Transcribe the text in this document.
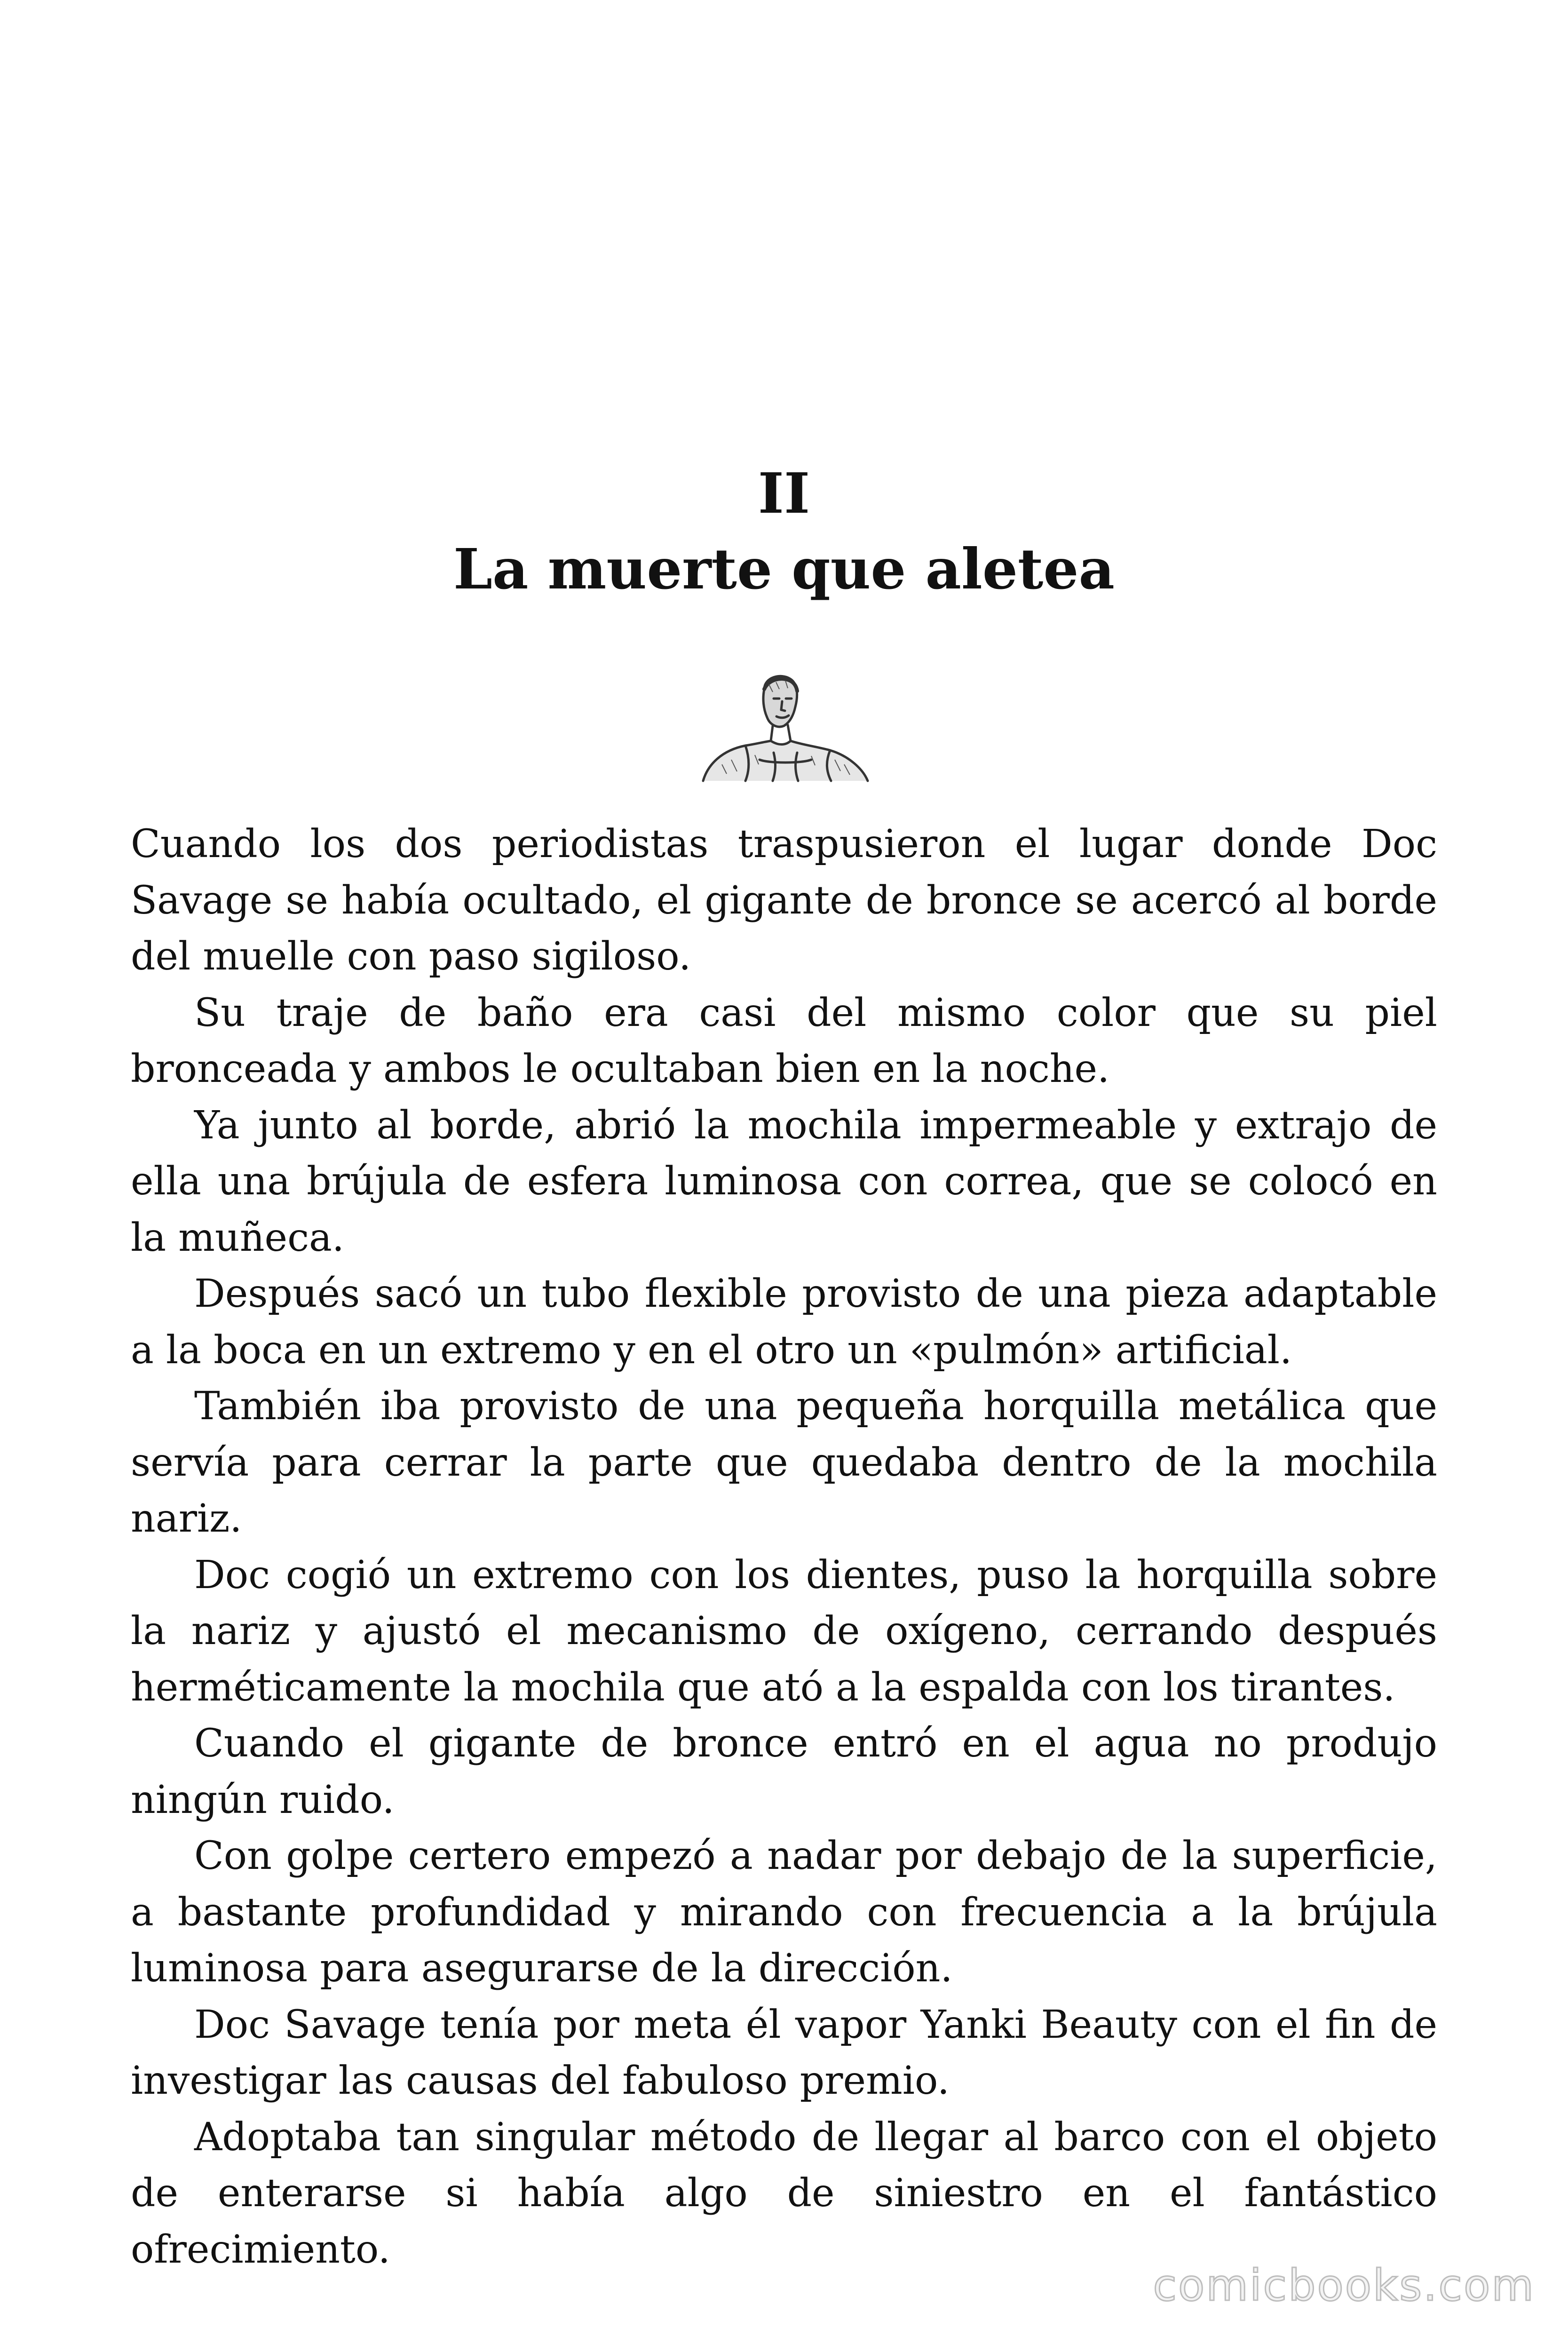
II
La muerte que aletea

Cuando los dos periodistas traspusieron el lugar donde Doc Savage se había ocultado, el gigante de bronce se acercó al borde del muelle con paso sigiloso.

Su traje de baño era casi del mismo color que su piel bronceada y ambos le ocultaban bien en la noche.

Ya junto al borde, abrió la mochila impermeable y extrajo de ella una brújula de esfera luminosa con correa, que se colocó en la muñeca.

Después sacó un tubo flexible provisto de una pieza adaptable a la boca en un extremo y en el otro un «pulmón» artificial.

También iba provisto de una pequeña horquilla metálica que servía para cerrar la parte que quedaba dentro de la mochila nariz.

Doc cogió un extremo con los dientes, puso la horquilla sobre la nariz y ajustó el mecanismo de oxígeno, cerrando después herméticamente la mochila que ató a la espalda con los tirantes.

Cuando el gigante de bronce entró en el agua no produjo ningún ruido.

Con golpe certero empezó a nadar por debajo de la superficie, a bastante profundidad y mirando con frecuencia a la brújula luminosa para asegurarse de la dirección.

Doc Savage tenía por meta él vapor Yanki Beauty con el fin de investigar las causas del fabuloso premio.

Adoptaba tan singular método de llegar al barco con el objeto de enterarse si había algo de siniestro en el fantástico ofrecimiento.

comicbooks.com
